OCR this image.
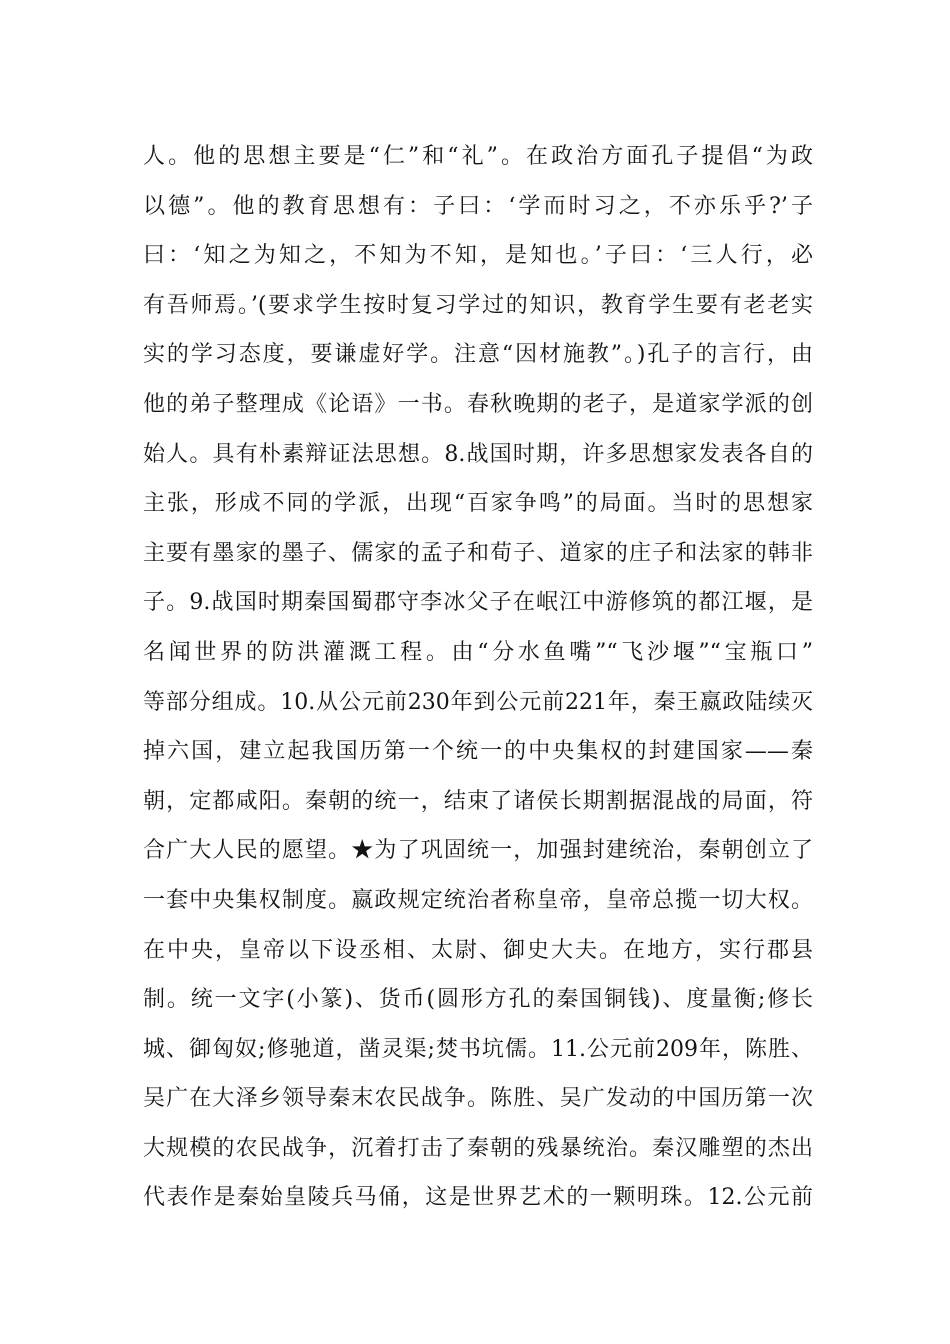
人。他的思想主要是“仁”和“礼”。在政治方面孔子提倡“为政
以德”。他的教育思想有：子曰：‘学而时习之，不亦乐乎?’子
曰：‘知之为知之，不知为不知，是知也。’子曰：‘三人行，必
有吾师焉。’(要求学生按时复习学过的知识，教育学生要有老老实
实的学习态度，要谦虚好学。注意“因材施教”。)孔子的言行，由
他的弟子整理成《论语》一书。春秋晚期的老子，是道家学派的创
始人。具有朴素辩证法思想。8.战国时期，许多思想家发表各自的
主张，形成不同的学派，出现“百家争鸣”的局面。当时的思想家
主要有墨家的墨子、儒家的孟子和荀子、道家的庄子和法家的韩非
子。9.战国时期秦国蜀郡守李冰父子在岷江中游修筑的都江堰，是
名闻世界的防洪灌溉工程。由“分水鱼嘴”“飞沙堰”“宝瓶口”
等部分组成。10.从公元前230年到公元前221年，秦王嬴政陆续灭
掉六国，建立起我国历第一个统一的中央集权的封建国家——秦
朝，定都咸阳。秦朝的统一，结束了诸侯长期割据混战的局面，符
合广大人民的愿望。★为了巩固统一，加强封建统治，秦朝创立了
一套中央集权制度。嬴政规定统治者称皇帝，皇帝总揽一切大权。
在中央，皇帝以下设丞相、太尉、御史大夫。在地方，实行郡县
制。统一文字(小篆)、货币(圆形方孔的秦国铜钱)、度量衡;修长
城、御匈奴;修驰道，凿灵渠;焚书坑儒。11.公元前209年，陈胜、
吴广在大泽乡领导秦末农民战争。陈胜、吴广发动的中国历第一次
大规模的农民战争，沉着打击了秦朝的残暴统治。秦汉雕塑的杰出
代表作是秦始皇陵兵马俑，这是世界艺术的一颗明珠。12.公元前
